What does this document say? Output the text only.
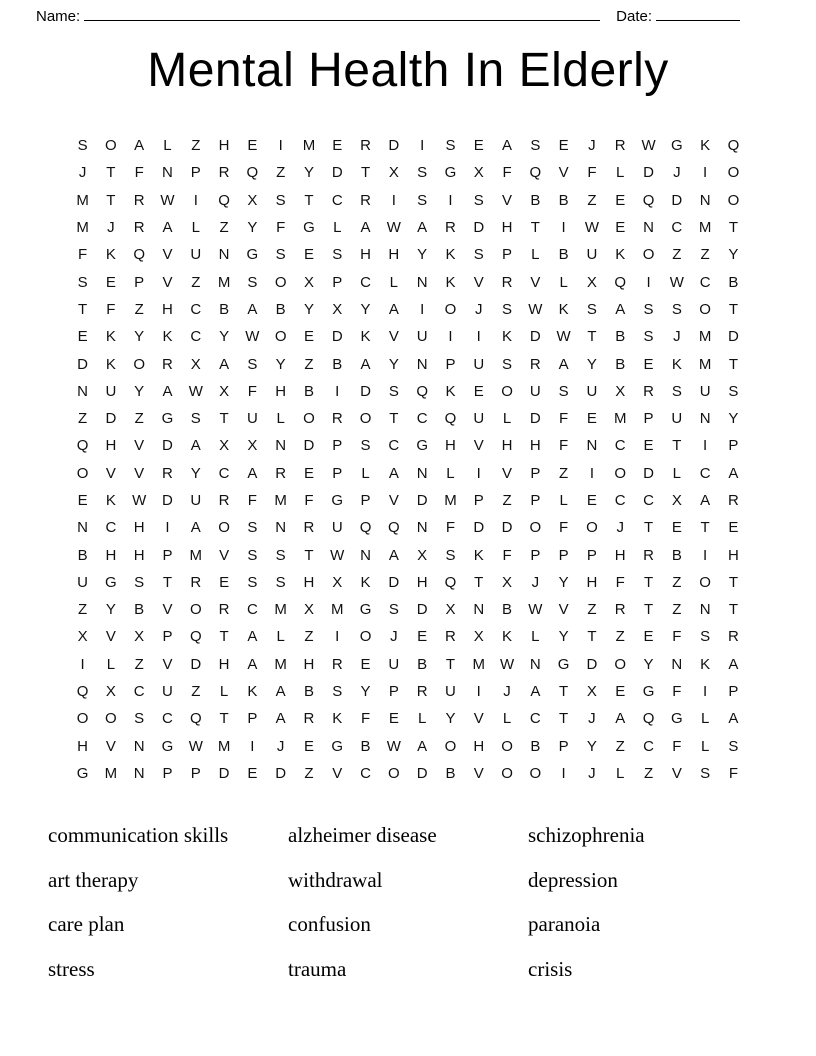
Name:	Date:
Mental Health In Elderly
S	O	A	L	Z	H	E	I	M	E	R	D	I	S	E	A	S	E	J	R	W	G	K	Q
J	T	F	N	P	R	Q	Z	Y	D	T	X	S	G	X	F	Q	V	F	L	D	J	I	O
M	T	R	W	I	Q	X	S	T	C	R	I	S	I	S	V	B	B	Z	E	Q	D	N	O
M	J	R	A	L	Z	Y	F	G	L	A	W	A	R	D	H	T	I	W	E	N	C	M	T
F	K	Q	V	U	N	G	S	E	S	H	H	Y	K	S	P	L	B	U	K	O	Z	Z	Y
S	E	P	V	Z	M	S	O	X	P	C	L	N	K	V	R	V	L	X	Q	I	W	C	B
T	F	Z	H	C	B	A	B	Y	X	Y	A	I	O	J	S	W	K	S	A	S	S	O	T
E	K	Y	K	C	Y	W	O	E	D	K	V	U	I	I	K	D	W	T	B	S	J	M	D
D	K	O	R	X	A	S	Y	Z	B	A	Y	N	P	U	S	R	A	Y	B	E	K	M	T
N	U	Y	A	W	X	F	H	B	I	D	S	Q	K	E	O	U	S	U	X	R	S	U	S
Z	D	Z	G	S	T	U	L	O	R	O	T	C	Q	U	L	D	F	E	M	P	U	N	Y
Q	H	V	D	A	X	X	N	D	P	S	C	G	H	V	H	H	F	N	C	E	T	I	P
O	V	V	R	Y	C	A	R	E	P	L	A	N	L	I	V	P	Z	I	O	D	L	C	A
E	K	W	D	U	R	F	M	F	G	P	V	D	M	P	Z	P	L	E	C	C	X	A	R
N	C	H	I	A	O	S	N	R	U	Q	Q	N	F	D	D	O	F	O	J	T	E	T	E
B	H	H	P	M	V	S	S	T	W	N	A	X	S	K	F	P	P	P	H	R	B	I	H
U	G	S	T	R	E	S	S	H	X	K	D	H	Q	T	X	J	Y	H	F	T	Z	O	T
Z	Y	B	V	O	R	C	M	X	M	G	S	D	X	N	B	W	V	Z	R	T	Z	N	T
X	V	X	P	Q	T	A	L	Z	I	O	J	E	R	X	K	L	Y	T	Z	E	F	S	R
I	L	Z	V	D	H	A	M	H	R	E	U	B	T	M W	N	G	D	O	Y	N	K	A
Q	X	C	U	Z	L	K	A	B	S	Y	P	R	U	I	J	A	T	X	E	G	F	I	P
O	O	S	C	Q	T	P	A	R	K	F	E	L	Y	V	L	C	T	J	A	Q	G	L	A
H	V	N	G	W M	I	J	E	G	B	W	A	O	H	O	B	P	Y	Z	C	F	L	S
G	M	N	P	P	D	E	D	Z	V	C	O	D	B	V	O	O	I	J	L	Z	V	S	F
communication skills	alzheimer disease	schizophrenia
art therapy	withdrawal	depression
care plan	confusion	paranoia
stress	trauma	crisis
